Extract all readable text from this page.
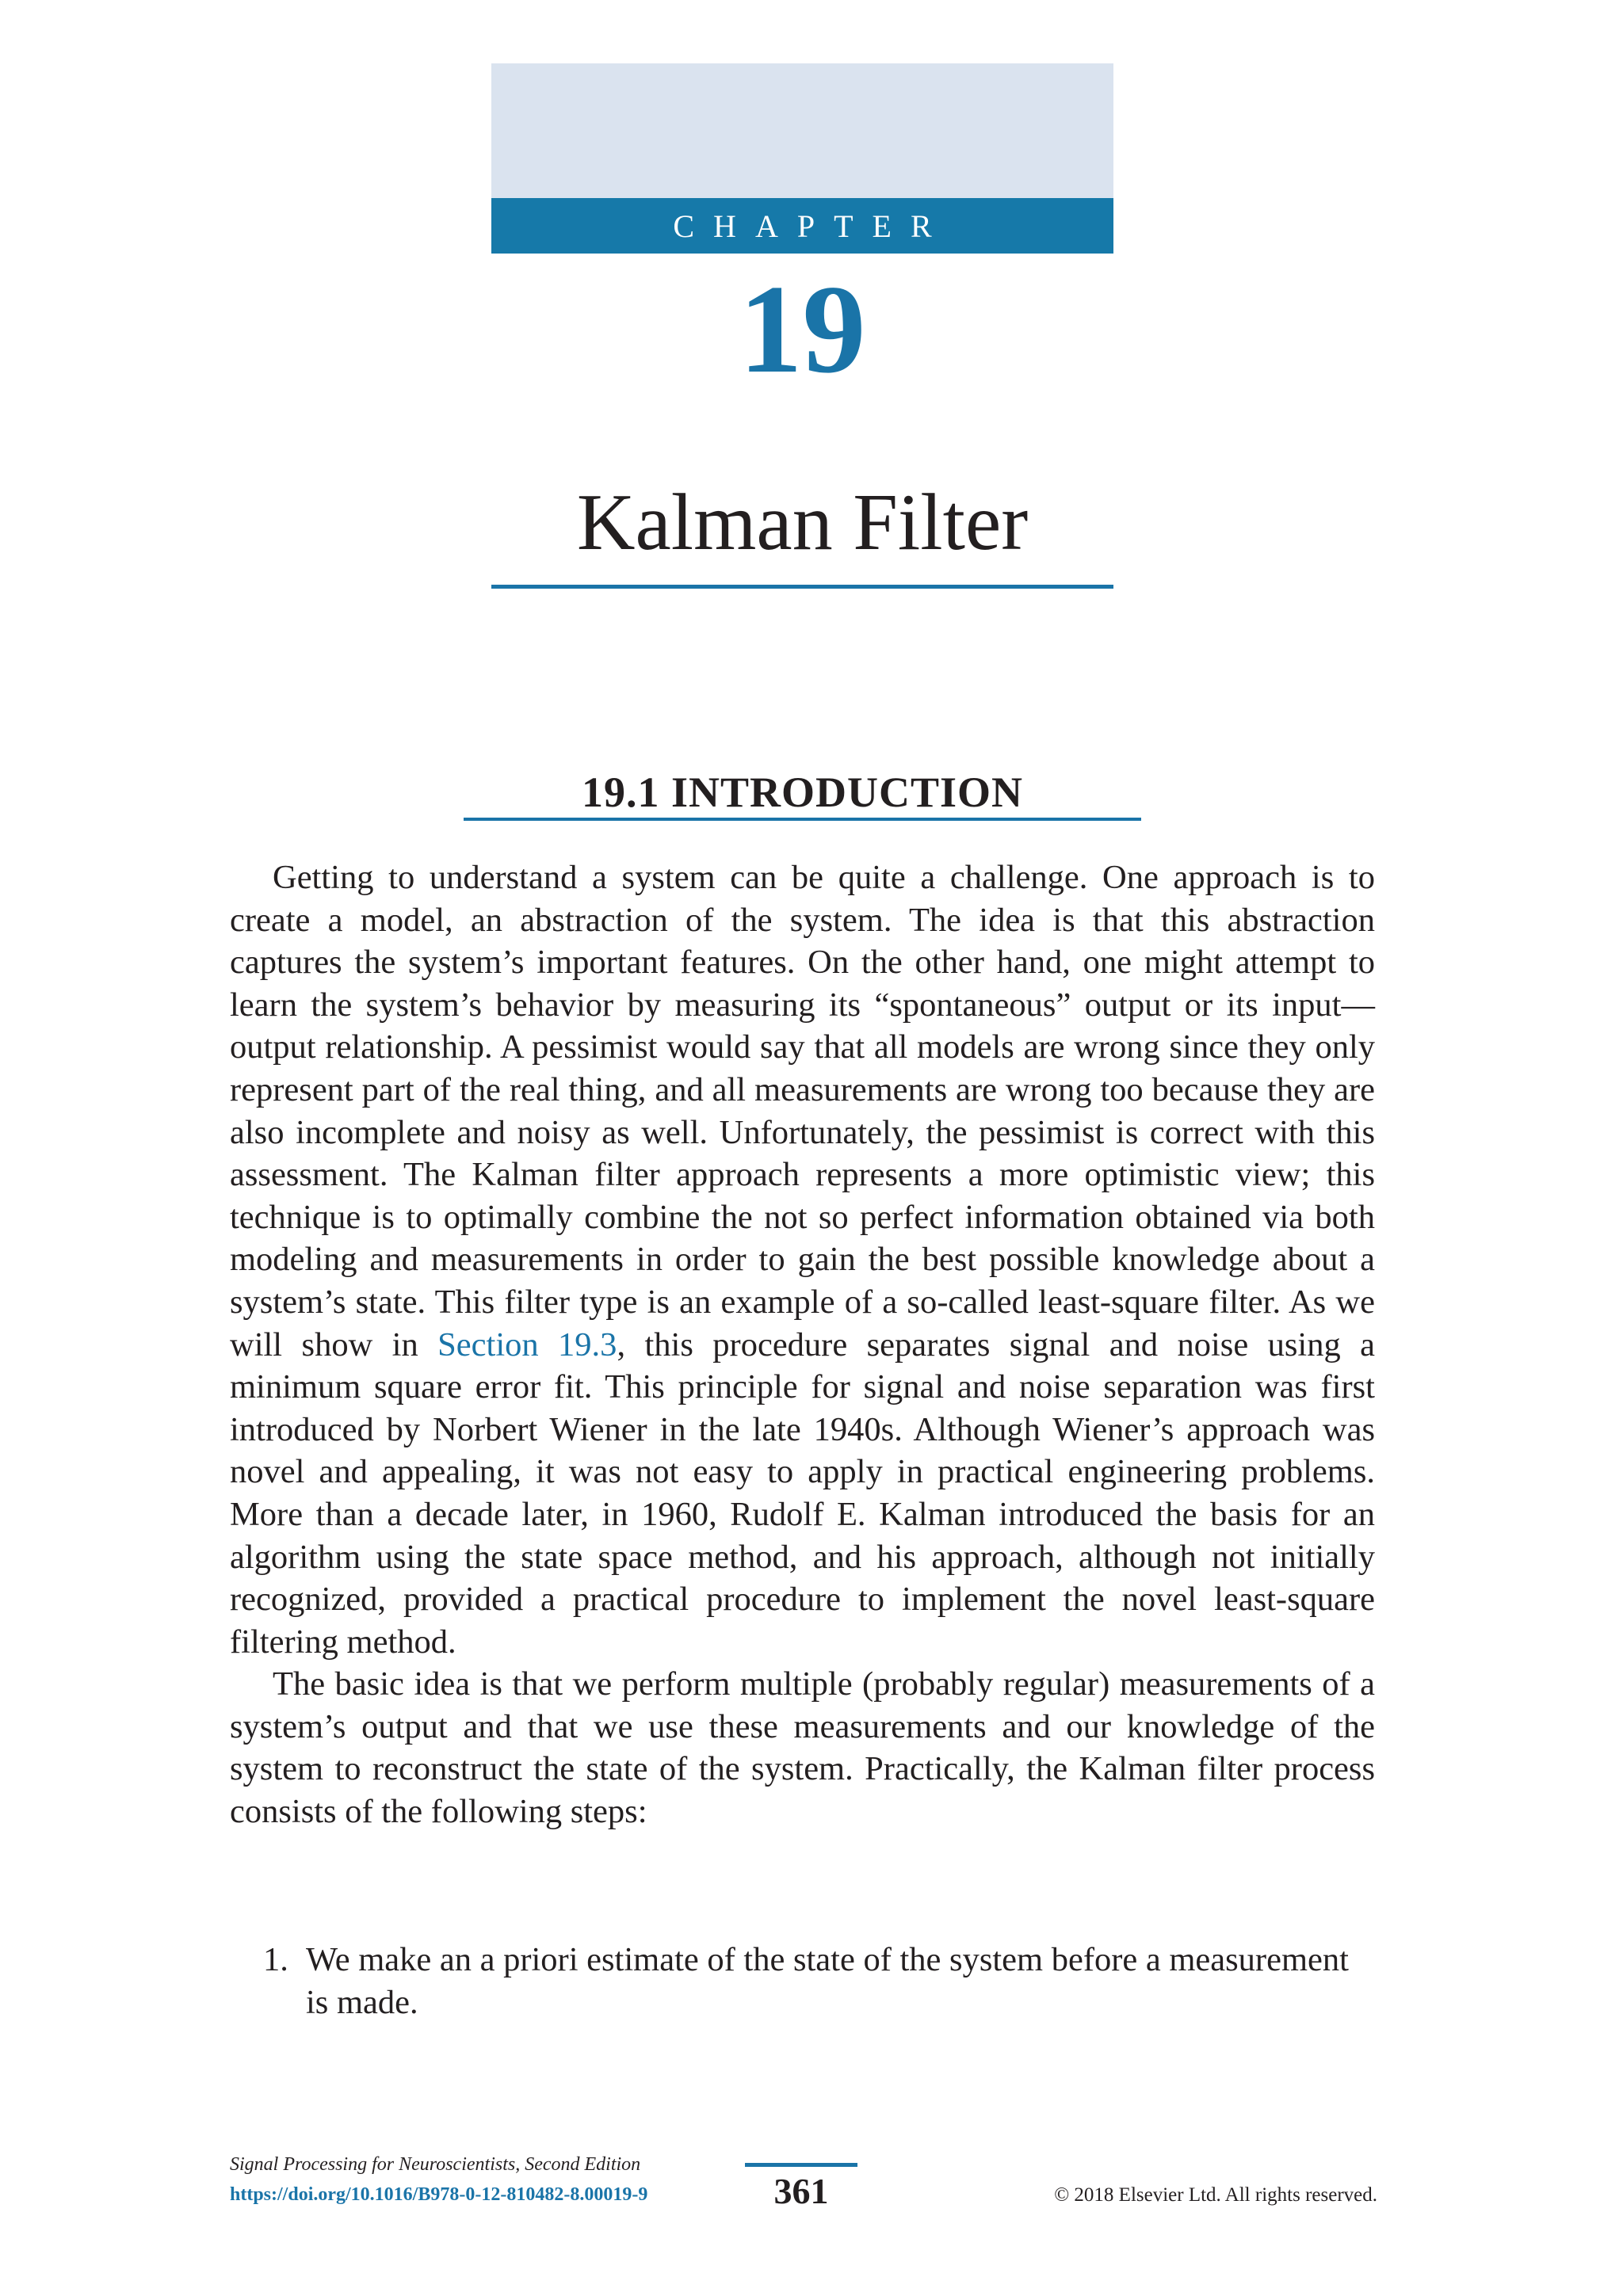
CHAPTER
19
Kalman Filter
19.1 INTRODUCTION

Getting to understand a system can be quite a challenge. One approach is to create a model, an abstraction of the system. The idea is that this abstraction captures the system’s important features. On the other hand, one might attempt to learn the system’s behavior by measuring its “spontaneous” output or its input—output relationship. A pessimist would say that all models are wrong since they only represent part of the real thing, and all measurements are wrong too because they are also incomplete and noisy as well. Unfortunately, the pessimist is correct with this assessment. The Kalman filter approach represents a more optimistic view; this technique is to optimally combine the not so perfect information obtained via both modeling and measurements in order to gain the best possible knowledge about a system’s state. This filter type is an example of a so-called least-square filter. As we will show in Section 19.3, this procedure separates signal and noise using a minimum square error fit. This principle for signal and noise separation was first introduced by Norbert Wiener in the late 1940s. Although Wiener’s approach was novel and appealing, it was not easy to apply in practical engineering problems. More than a decade later, in 1960, Rudolf E. Kalman introduced the basis for an algorithm using the state space method, and his approach, although not initially recognized, provided a practical procedure to implement the novel least-square filtering method.

The basic idea is that we perform multiple (probably regular) measurements of a system’s output and that we use these measurements and our knowledge of the system to reconstruct the state of the system. Practically, the Kalman filter process consists of the following steps:

1. We make an a priori estimate of the state of the system before a measurement is made.
Signal Processing for Neuroscientists, Second Edition
https://doi.org/10.1016/B978-0-12-810482-8.00019-9	361	© 2018 Elsevier Ltd. All rights reserved.
